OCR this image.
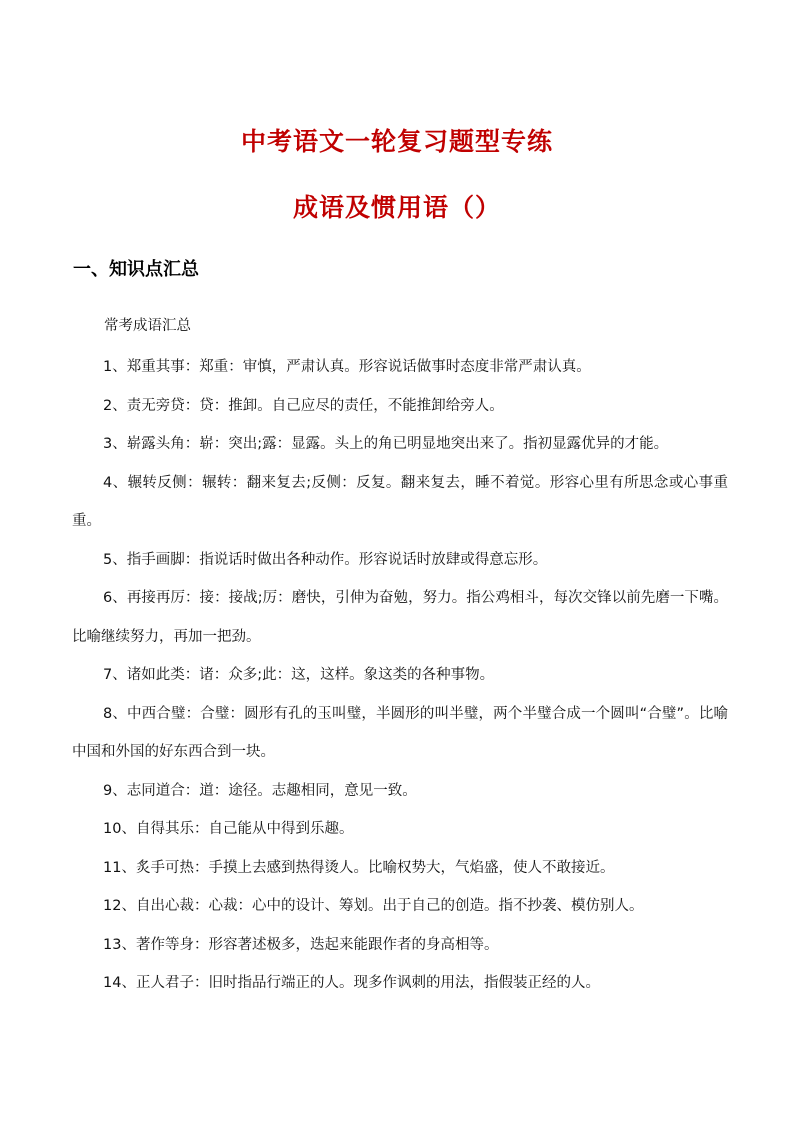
中考语文一轮复习题型专练
成语及惯用语（）
一、知识点汇总
常考成语汇总
1、郑重其事：郑重：审慎，严肃认真。形容说话做事时态度非常严肃认真。
2、责无旁贷：贷：推卸。自己应尽的责任，不能推卸给旁人。
3、崭露头角：崭：突出;露：显露。头上的角已明显地突出来了。指初显露优异的才能。
4、辗转反侧：辗转：翻来复去;反侧：反复。翻来复去，睡不着觉。形容心里有所思念或心事重重。
5、指手画脚：指说话时做出各种动作。形容说话时放肆或得意忘形。
6、再接再厉：接：接战;厉：磨快，引伸为奋勉，努力。指公鸡相斗，每次交锋以前先磨一下嘴。比喻继续努力，再加一把劲。
7、诸如此类：诸：众多;此：这，这样。象这类的各种事物。
8、中西合璧：合璧：圆形有孔的玉叫璧，半圆形的叫半璧，两个半璧合成一个圆叫“合璧”。比喻中国和外国的好东西合到一块。
9、志同道合：道：途径。志趣相同，意见一致。
10、自得其乐：自己能从中得到乐趣。
11、炙手可热：手摸上去感到热得烫人。比喻权势大，气焰盛，使人不敢接近。
12、自出心裁：心裁：心中的设计、筹划。出于自己的创造。指不抄袭、模仿别人。
13、著作等身：形容著述极多，迭起来能跟作者的身高相等。
14、正人君子：旧时指品行端正的人。现多作讽刺的用法，指假装正经的人。
